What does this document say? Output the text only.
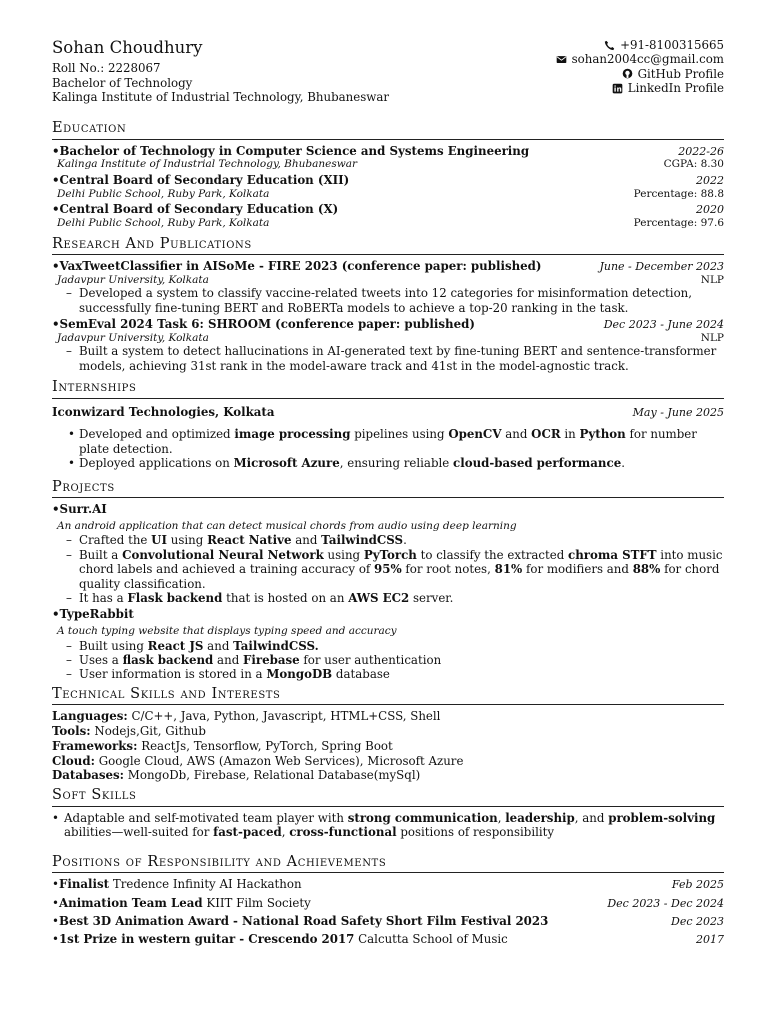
Sohan Choudhury
Roll No.: 2228067
Bachelor of Technology
Kalinga Institute of Industrial Technology, Bhubaneswar
+91-8100315665
sohan2004cc@gmail.com
GitHub Profile
LinkedIn Profile
Education
• Bachelor of Technology in Computer Science and Systems Engineering	2022-26
Kalinga Institute of Industrial Technology, Bhubaneswar	CGPA: 8.30
• Central Board of Secondary Education (XII)	2022
Delhi Public School, Ruby Park, Kolkata	Percentage: 88.8
• Central Board of Secondary Education (X)	2020
Delhi Public School, Ruby Park, Kolkata	Percentage: 97.6
Research And Publications
• VaxTweetClassifier in AISoMe - FIRE 2023 (conference paper: published)	June - December 2023
Jadavpur University, Kolkata	NLP
– Developed a system to classify vaccine-related tweets into 12 categories for misinformation detection, successfully fine-tuning BERT and RoBERTa models to achieve a top-20 ranking in the task.
• SemEval 2024 Task 6: SHROOM (conference paper: published)	Dec 2023 - June 2024
Jadavpur University, Kolkata	NLP
– Built a system to detect hallucinations in AI-generated text by fine-tuning BERT and sentence-transformer models, achieving 31st rank in the model-aware track and 41st in the model-agnostic track.
Internships
Iconwizard Technologies, Kolkata	May - June 2025
• Developed and optimized image processing pipelines using OpenCV and OCR in Python for number plate detection.
• Deployed applications on Microsoft Azure, ensuring reliable cloud-based performance.
Projects
• Surr.AI
An android application that can detect musical chords from audio using deep learning
– Crafted the UI using React Native and TailwindCSS.
– Built a Convolutional Neural Network using PyTorch to classify the extracted chroma STFT into music chord labels and achieved a training accuracy of 95% for root notes, 81% for modifiers and 88% for chord quality classification.
– It has a Flask backend that is hosted on an AWS EC2 server.
• TypeRabbit
A touch typing website that displays typing speed and accuracy
– Built using React JS and TailwindCSS.
– Uses a flask backend and Firebase for user authentication
– User information is stored in a MongoDB database
Technical Skills and Interests
Languages: C/C++, Java, Python, Javascript, HTML+CSS, Shell
Tools: Nodejs,Git, Github
Frameworks: ReactJs, Tensorflow, PyTorch, Spring Boot
Cloud: Google Cloud, AWS (Amazon Web Services), Microsoft Azure
Databases: MongoDb, Firebase, Relational Database(mySql)
Soft Skills
• Adaptable and self-motivated team player with strong communication, leadership, and problem-solving abilities—well-suited for fast-paced, cross-functional positions of responsibility
Positions of Responsibility and Achievements
• Finalist Tredence Infinity AI Hackathon	Feb 2025
• Animation Team Lead KIIT Film Society	Dec 2023 - Dec 2024
• Best 3D Animation Award - National Road Safety Short Film Festival 2023	Dec 2023
• 1st Prize in western guitar - Crescendo 2017 Calcutta School of Music	2017
